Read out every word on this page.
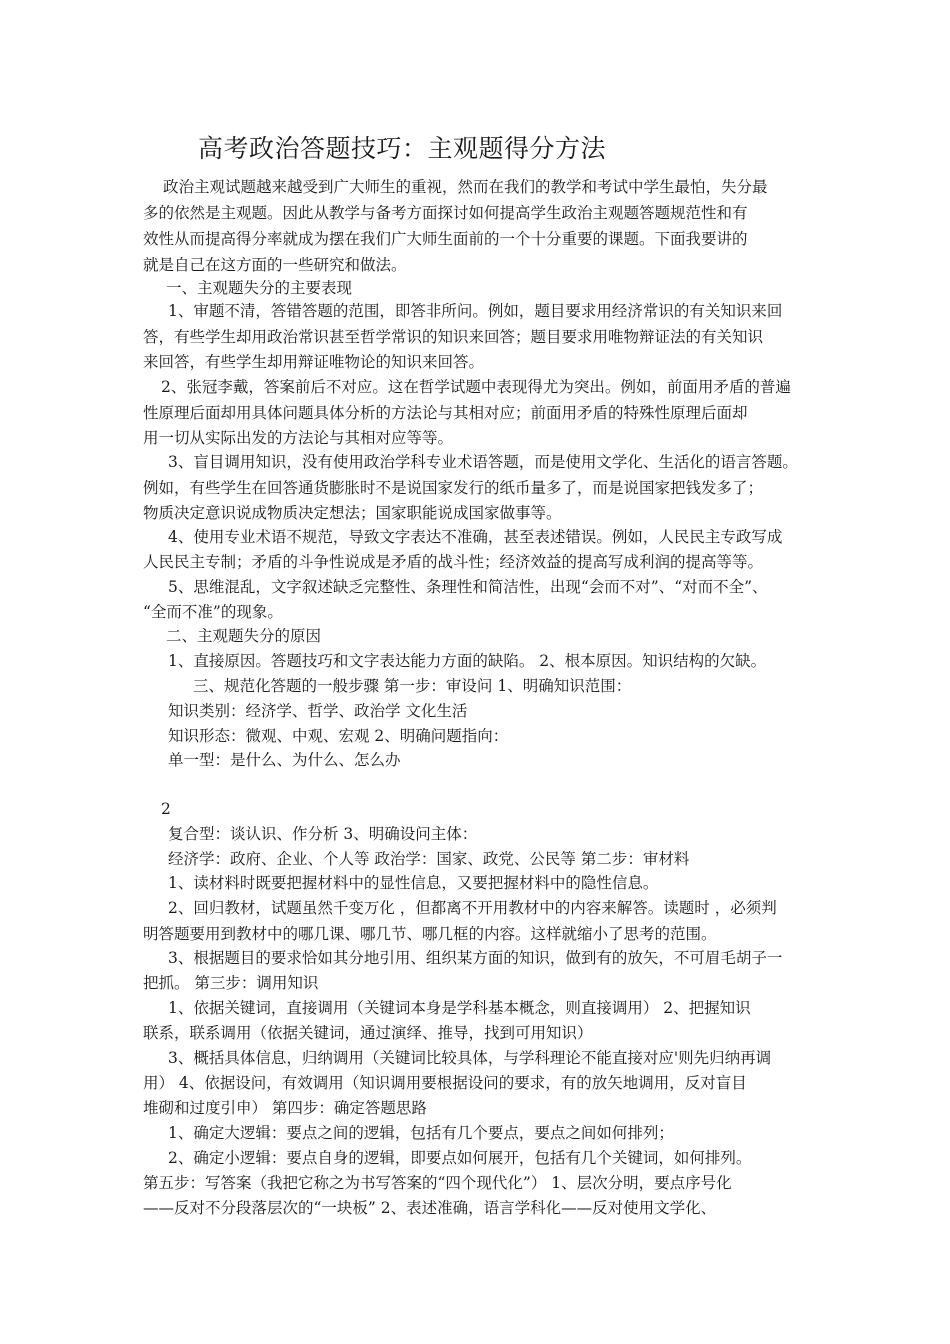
高考政治答题技巧：主观题得分方法
政治主观试题越来越受到广大师生的重视，然而在我们的教学和考试中学生最怕，失分最
多的依然是主观题。因此从教学与备考方面探讨如何提高学生政治主观题答题规范性和有
效性从而提高得分率就成为摆在我们广大师生面前的一个十分重要的课题。下面我要讲的
就是自己在这方面的一些研究和做法。
一、主观题失分的主要表现
1、审题不清，答错答题的范围，即答非所问。例如，题目要求用经济常识的有关知识来回
答，有些学生却用政治常识甚至哲学常识的知识来回答；题目要求用唯物辩证法的有关知识
来回答，有些学生却用辩证唯物论的知识来回答。
2、张冠李戴，答案前后不对应。这在哲学试题中表现得尤为突出。例如，前面用矛盾的普遍
性原理后面却用具体问题具体分析的方法论与其相对应；前面用矛盾的特殊性原理后面却
用一切从实际出发的方法论与其相对应等等。
3、盲目调用知识，没有使用政治学科专业术语答题，而是使用文学化、生活化的语言答题。
例如，有些学生在回答通货膨胀时不是说国家发行的纸币量多了，而是说国家把钱发多了；
物质决定意识说成物质决定想法；国家职能说成国家做事等。
4、使用专业术语不规范，导致文字表达不准确，甚至表述错误。例如，人民民主专政写成
人民民主专制；矛盾的斗争性说成是矛盾的战斗性；经济效益的提高写成利润的提高等等。
5、思维混乱，文字叙述缺乏完整性、条理性和简洁性，出现“会而不对”、“对而不全”、
“全而不准”的现象。
二、主观题失分的原因
1、直接原因。答题技巧和文字表达能力方面的缺陷。 2、根本原因。知识结构的欠缺。
三、规范化答题的一般步骤 第一步：审设问 1、明确知识范围：
知识类别：经济学、哲学、政治学 文化生活
知识形态：微观、中观、宏观 2、明确问题指向：
单一型：是什么、为什么、怎么办
2
复合型：谈认识、作分析 3、明确设问主体：
经济学：政府、企业、个人等 政治学：国家、政党、公民等 第二步：审材料
1、读材料时既要把握材料中的显性信息，又要把握材料中的隐性信息。
2、回归教材，试题虽然千变万化 ，但都离不开用教材中的内容来解答。读题时 ，必须判
明答题要用到教材中的哪几课、哪几节、哪几框的内容。这样就缩小了思考的范围。
3、根据题目的要求恰如其分地引用、组织某方面的知识，做到有的放矢，不可眉毛胡子一
把抓。 第三步：调用知识
1、依据关键词，直接调用（关键词本身是学科基本概念，则直接调用） 2、把握知识
联系，联系调用（依据关键词，通过演绎、推导，找到可用知识）
3、概括具体信息，归纳调用（关键词比较具体，与学科理论不能直接对应'则先归纳再调
用） 4、依据设问，有效调用（知识调用要根据设问的要求，有的放矢地调用，反对盲目
堆砌和过度引申） 第四步：确定答题思路
1、确定大逻辑：要点之间的逻辑，包括有几个要点，要点之间如何排列；
2、确定小逻辑：要点自身的逻辑，即要点如何展开，包括有几个关键词，如何排列。
第五步：写答案（我把它称之为书写答案的“四个现代化”） 1、层次分明，要点序号化
——反对不分段落层次的“一块板” 2、表述准确，语言学科化——反对使用文学化、
